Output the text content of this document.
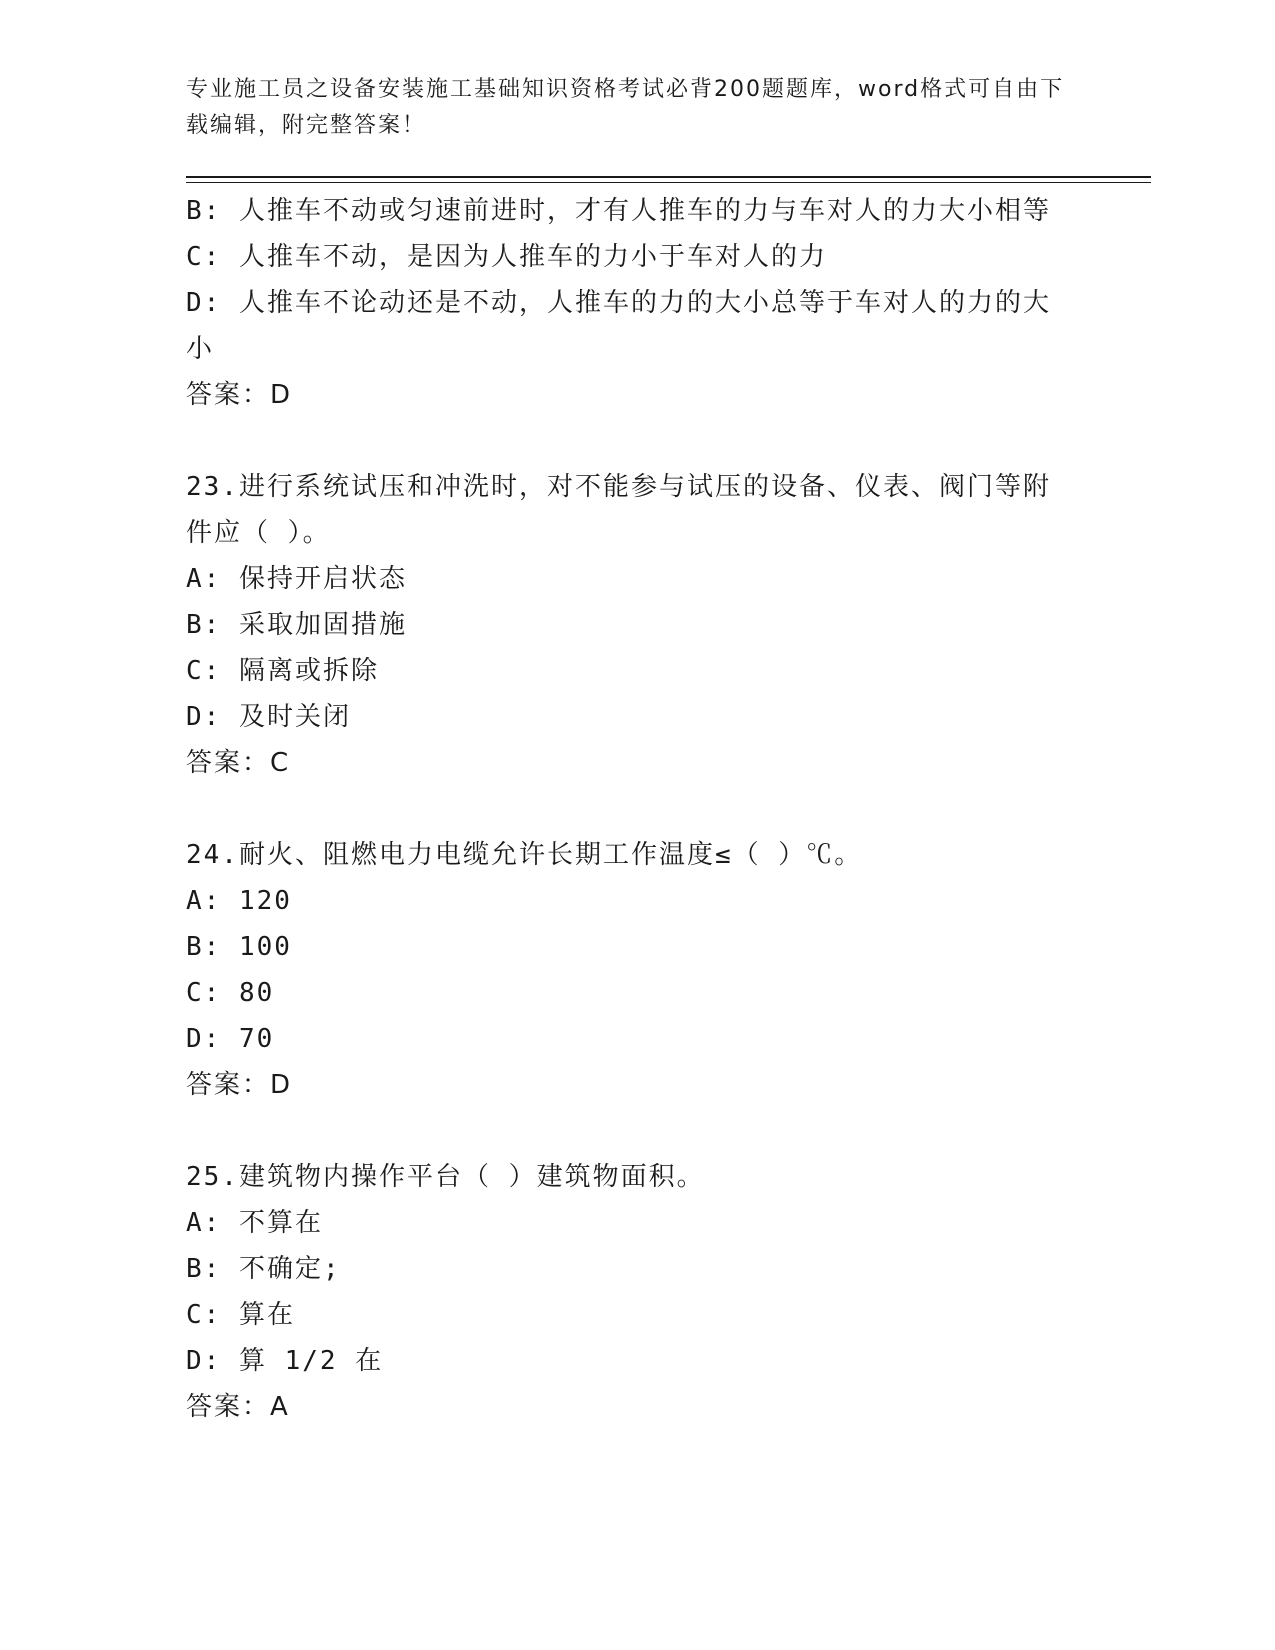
专业施工员之设备安装施工基础知识资格考试必背200题题库，word格式可自由下载编辑，附完整答案！
B: 人推车不动或匀速前进时，才有人推车的力与车对人的力大小相等
C: 人推车不动，是因为人推车的力小于车对人的力
D: 人推车不论动还是不动，人推车的力的大小总等于车对人的力的大小
答案：D
23.进行系统试压和冲洗时，对不能参与试压的设备、仪表、阀门等附件应（ ）。
A: 保持开启状态
B: 采取加固措施
C: 隔离或拆除
D: 及时关闭
答案：C
24.耐火、阻燃电力电缆允许长期工作温度≤（ ）℃。
A: 120
B: 100
C: 80
D: 70
答案：D
25.建筑物内操作平台（ ）建筑物面积。
A: 不算在
B: 不确定;
C: 算在
D: 算 1/2 在
答案：A
